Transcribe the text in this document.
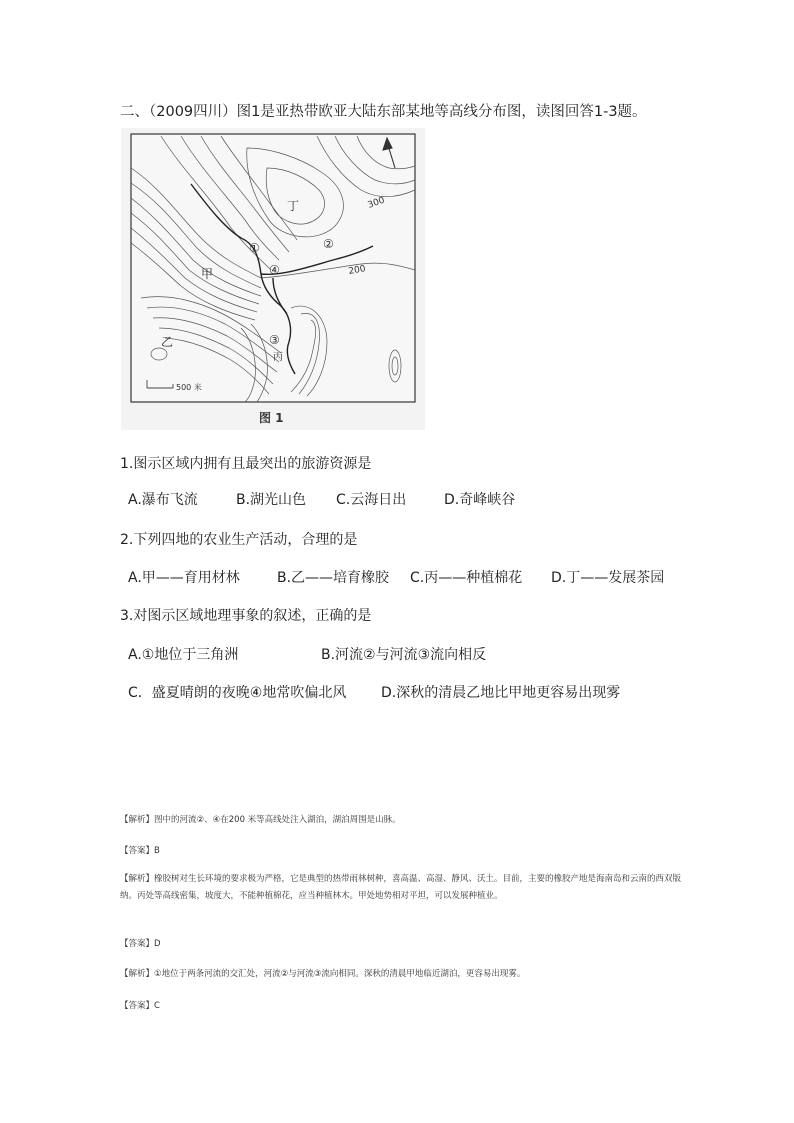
二、（2009四川）图1是亚热带欧亚大陆东部某地等高线分布图，读图回答1-3题。
300
200
甲
乙
丙
丁
①	②
③
④
500 米
图 1
1.图示区域内拥有且最突出的旅游资源是
A.瀑布飞流	B.湖光山色 C.云海日出	D.奇峰峡谷
2.下列四地的农业生产活动，合理的是
A.甲——育用材林	B.乙——培育橡胶 C.丙——种植棉花 D.丁——发展茶园
3.对图示区域地理事象的叙述，正确的是
A.①地位于三角洲	B.河流②与河流③流向相反
C．盛夏晴朗的夜晚④地常吹偏北风 D.深秋的清晨乙地比甲地更容易出现雾
【解析】图中的河流②、④在200 米等高线处注入湖泊，湖泊周围是山脉。
【答案】B
【解析】橡胶树对生长环境的要求极为严格，它是典型的热带雨林树种，喜高温、高湿、静风、沃土。目前，主要的橡胶产地是海南岛和云南的西双版纳。丙处等高线密集，坡度大，不能种植棉花，应当种植林木。甲处地势相对平坦，可以发展种植业。
【答案】D
【解析】①地位于两条河流的交汇处，河流②与河流③流向相同。深秋的清晨甲地临近湖泊，更容易出现雾。
【答案】C
